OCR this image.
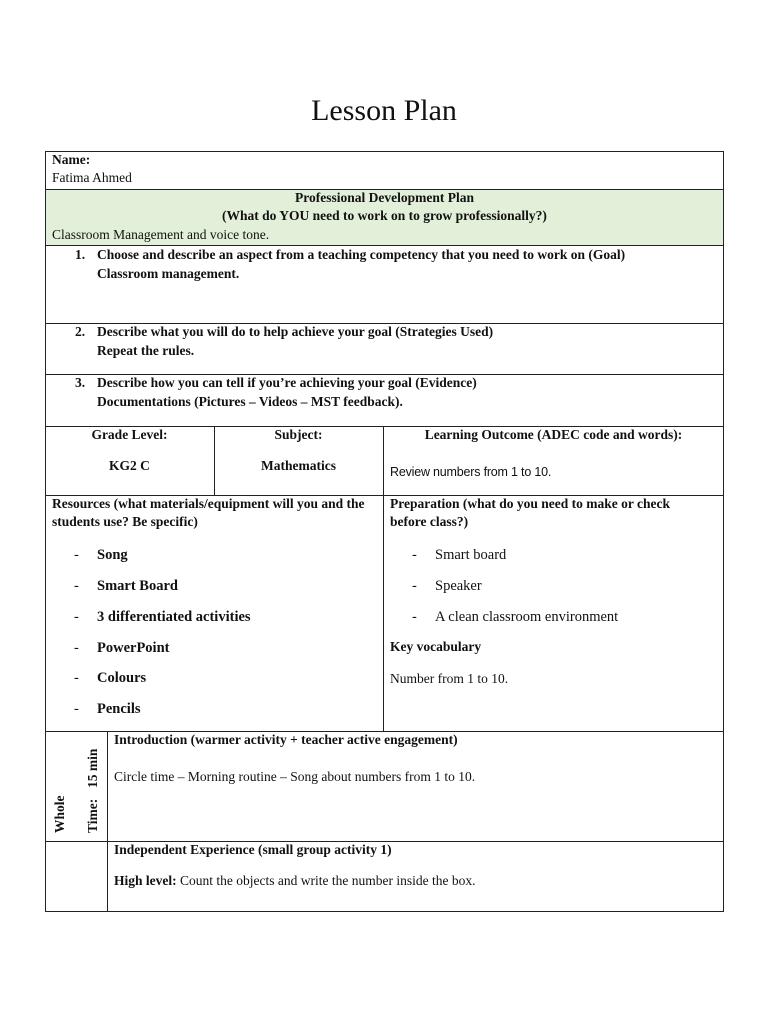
Lesson Plan
Name:
Fatima Ahmed
Professional Development Plan
(What do YOU need to work on to grow professionally?)
Classroom Management and voice tone.
1. Choose and describe an aspect from a teaching competency that you need to work on (Goal)
Classroom management.
2. Describe what you will do to help achieve your goal (Strategies Used)
Repeat the rules.
3. Describe how you can tell if you’re achieving your goal (Evidence)
Documentations (Pictures – Videos – MST feedback).
Grade Level:
KG2 C
Subject:
Mathematics
Learning Outcome (ADEC code and words):
Review numbers from 1 to 10.
Resources (what materials/equipment will you and the
students use? Be specific)
- Song
- Smart Board
- 3 differentiated activities
- PowerPoint
- Colours
- Pencils
Preparation (what do you need to make or check
before class?)
- Smart board
- Speaker
- A clean classroom environment
Key vocabulary
Number from 1 to 10.
Whole Time:
15 min
Introduction (warmer activity + teacher active engagement)
Circle time – Morning routine – Song about numbers from 1 to 10.
Independent Experience (small group activity 1)
High level: Count the objects and write the number inside the box.
